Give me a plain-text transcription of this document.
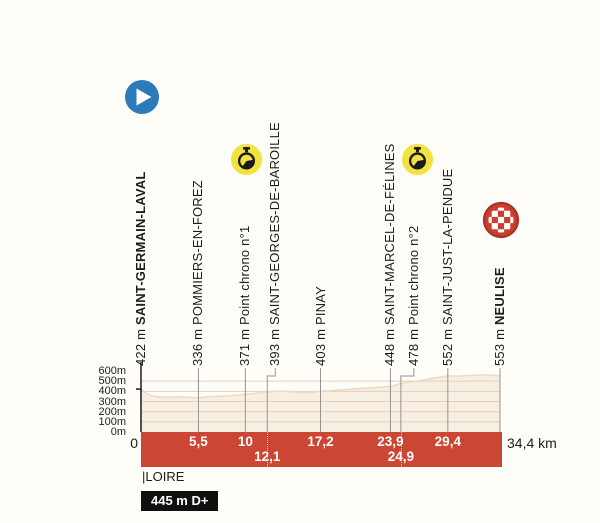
600m
500m
400m
300m
200m
100m
0m
422 m SAINT-GERMAIN-LAVAL
336 m POMMIERS-EN-FOREZ
371 m Point chrono n°1
393 m SAINT-GEORGES-DE-BAROILLE
403 m PINAY
448 m SAINT-MARCEL-DE-FÉLINES
478 m Point chrono n°2
552 m SAINT-JUST-LA-PENDUE
553 m NEULISE
5,5	10
12,1
17,2	23,9
24,9
29,4
0	34,4 km
|LOIRE
445 m D+
